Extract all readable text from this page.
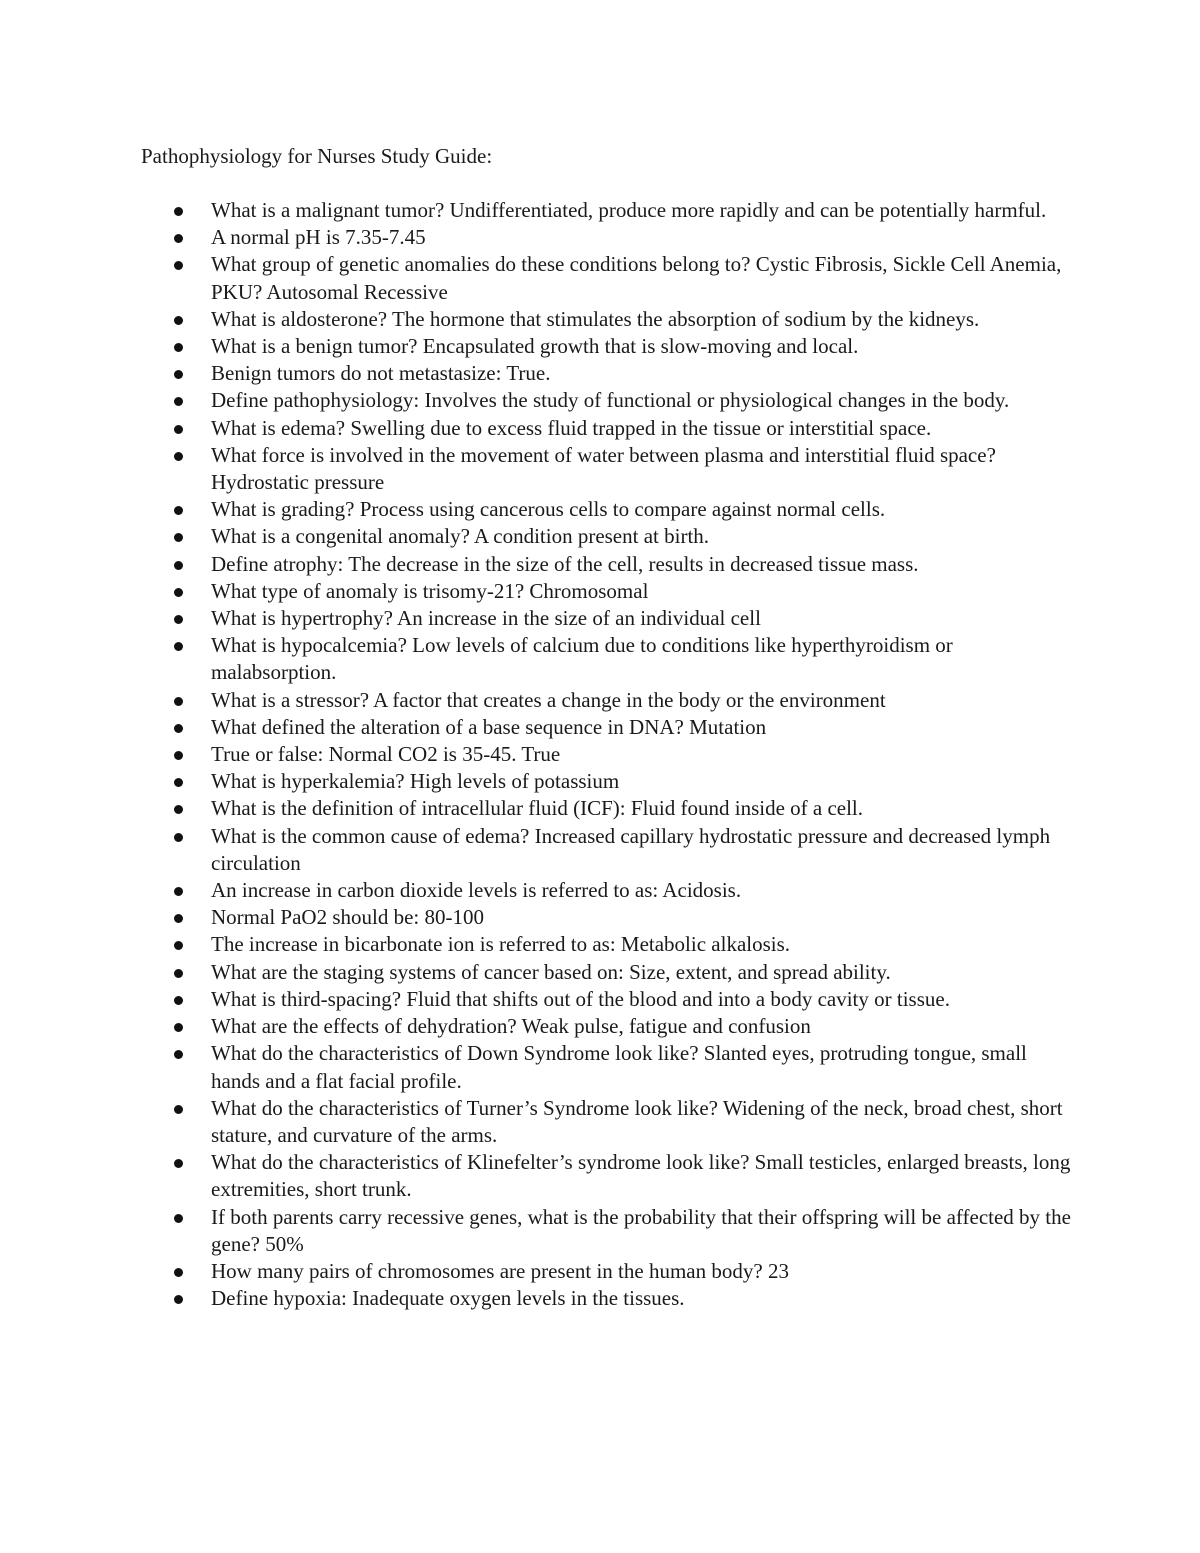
Pathophysiology for Nurses Study Guide:

What is a malignant tumor? Undifferentiated, produce more rapidly and can be potentially harmful.
A normal pH is 7.35-7.45
What group of genetic anomalies do these conditions belong to? Cystic Fibrosis, Sickle Cell Anemia, PKU? Autosomal Recessive
What is aldosterone? The hormone that stimulates the absorption of sodium by the kidneys.
What is a benign tumor? Encapsulated growth that is slow-moving and local.
Benign tumors do not metastasize: True.
Define pathophysiology: Involves the study of functional or physiological changes in the body.
What is edema? Swelling due to excess fluid trapped in the tissue or interstitial space.
What force is involved in the movement of water between plasma and interstitial fluid space? Hydrostatic pressure
What is grading? Process using cancerous cells to compare against normal cells.
What is a congenital anomaly? A condition present at birth.
Define atrophy: The decrease in the size of the cell, results in decreased tissue mass.
What type of anomaly is trisomy-21? Chromosomal
What is hypertrophy? An increase in the size of an individual cell
What is hypocalcemia? Low levels of calcium due to conditions like hyperthyroidism or malabsorption.
What is a stressor? A factor that creates a change in the body or the environment
What defined the alteration of a base sequence in DNA? Mutation
True or false: Normal CO2 is 35-45. True
What is hyperkalemia? High levels of potassium
What is the definition of intracellular fluid (ICF): Fluid found inside of a cell.
What is the common cause of edema? Increased capillary hydrostatic pressure and decreased lymph circulation
An increase in carbon dioxide levels is referred to as: Acidosis.
Normal PaO2 should be: 80-100
The increase in bicarbonate ion is referred to as: Metabolic alkalosis.
What are the staging systems of cancer based on: Size, extent, and spread ability.
What is third-spacing? Fluid that shifts out of the blood and into a body cavity or tissue.
What are the effects of dehydration? Weak pulse, fatigue and confusion
What do the characteristics of Down Syndrome look like? Slanted eyes, protruding tongue, small hands and a flat facial profile.
What do the characteristics of Turner’s Syndrome look like? Widening of the neck, broad chest, short stature, and curvature of the arms.
What do the characteristics of Klinefelter’s syndrome look like? Small testicles, enlarged breasts, long extremities, short trunk.
If both parents carry recessive genes, what is the probability that their offspring will be affected by the gene? 50%
How many pairs of chromosomes are present in the human body? 23
Define hypoxia: Inadequate oxygen levels in the tissues.
